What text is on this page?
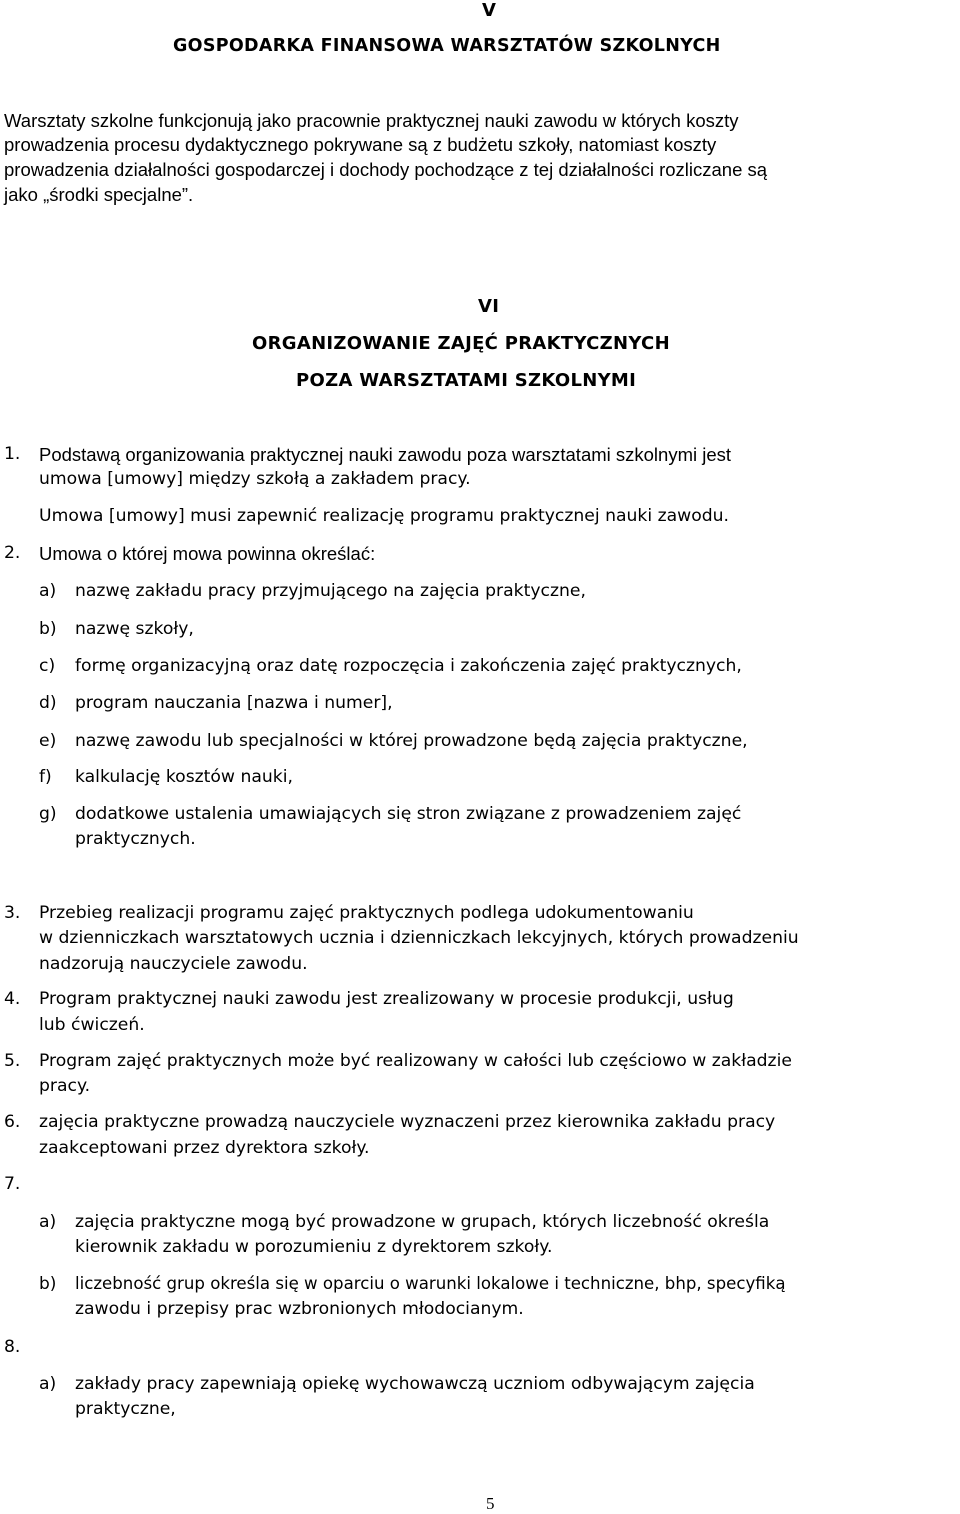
V
GOSPODARKA FINANSOWA WARSZTATÓW SZKOLNYCH
Warsztaty szkolne funkcjonują jako pracownie praktycznej nauki zawodu w których koszty
prowadzenia procesu dydaktycznego pokrywane są z budżetu szkoły, natomiast koszty
prowadzenia działalności gospodarczej i dochody pochodzące z tej działalności rozliczane są
jako „środki specjalne”.
VI
ORGANIZOWANIE ZAJĘĆ PRAKTYCZNYCH
POZA WARSZTATAMI SZKOLNYMI
1. Podstawą organizowania praktycznej nauki zawodu poza warsztatami szkolnymi jest
umowa [umowy] między szkołą a zakładem pracy.
Umowa [umowy] musi zapewnić realizację programu praktycznej nauki zawodu.
2. Umowa o której mowa powinna określać:
a) nazwę zakładu pracy przyjmującego na zajęcia praktyczne,
b) nazwę szkoły,
c) formę organizacyjną oraz datę rozpoczęcia i zakończenia zajęć praktycznych,
d) program nauczania [nazwa i numer],
e) nazwę zawodu lub specjalności w której prowadzone będą zajęcia praktyczne,
f) kalkulację kosztów nauki,
g) dodatkowe ustalenia umawiających się stron związane z prowadzeniem zajęć
praktycznych.
3. Przebieg realizacji programu zajęć praktycznych podlega udokumentowaniu
w dzienniczkach warsztatowych ucznia i dzienniczkach lekcyjnych, których prowadzeniu
nadzorują nauczyciele zawodu.
4. Program praktycznej nauki zawodu jest zrealizowany w procesie produkcji, usług
lub ćwiczeń.
5. Program zajęć praktycznych może być realizowany w całości lub częściowo w zakładzie
pracy.
6. zajęcia praktyczne prowadzą nauczyciele wyznaczeni przez kierownika zakładu pracy
zaakceptowani przez dyrektora szkoły.
7.
a) zajęcia praktyczne mogą być prowadzone w grupach, których liczebność określa
kierownik zakładu w porozumieniu z dyrektorem szkoły.
b) liczebność grup określa się w oparciu o warunki lokalowe i techniczne, bhp, specyfiką
zawodu i przepisy prac wzbronionych młodocianym.
8.
a) zakłady pracy zapewniają opiekę wychowawczą uczniom odbywającym zajęcia
praktyczne,
5
